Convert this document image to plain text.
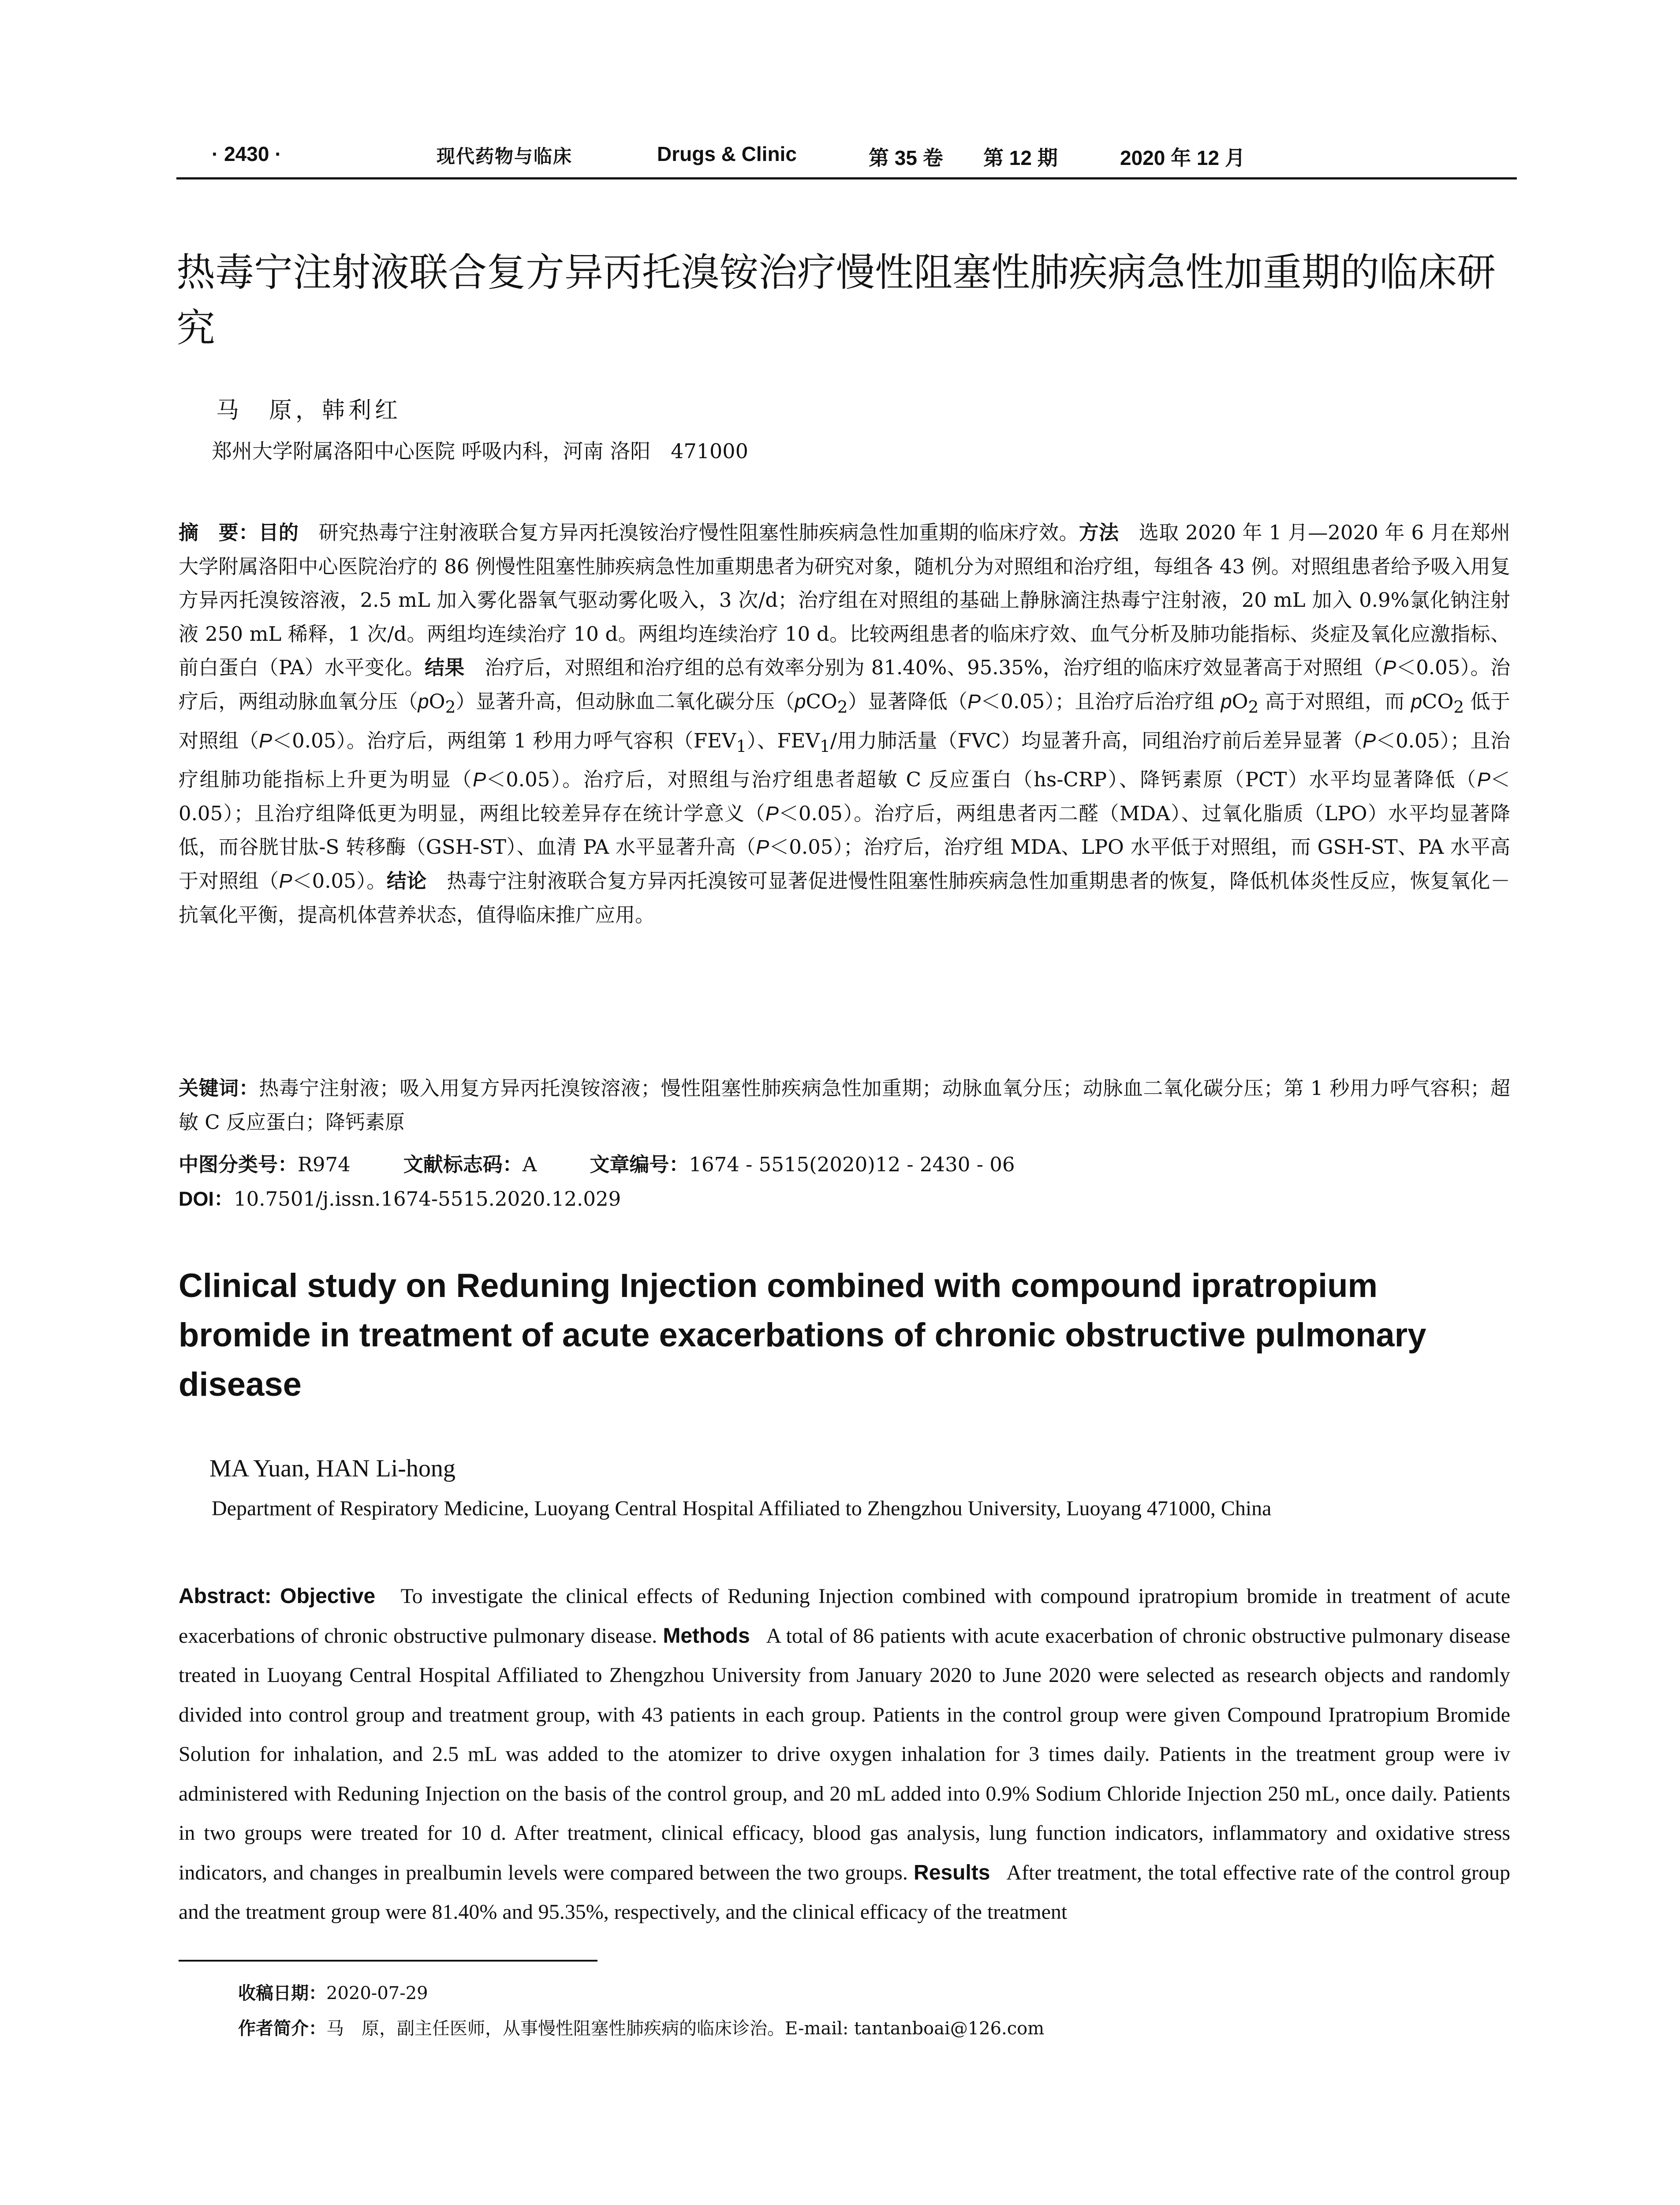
· 2430 ·	现代药物与临床	Drugs & Clinic	第 35 卷 第 12 期	2020 年 12 月
热毒宁注射液联合复方异丙托溴铵治疗慢性阻塞性肺疾病急性加重期的临床研究
马　原，韩利红
郑州大学附属洛阳中心医院 呼吸内科，河南 洛阳　471000

摘　要：目的　 研究热毒宁注射液联合复方异丙托溴铵治疗慢性阻塞性肺疾病急性加重期的临床疗效。方法　 选取 2020 年 1 月—2020 年 6 月在郑州大学附属洛阳中心医院治疗的 86 例慢性阻塞性肺疾病急性加重期患者为研究对象，随机分为对照组和治疗组，每组各 43 例。对照组患者给予吸入用复方异丙托溴铵溶液，2.5 mL 加入雾化器氧气驱动雾化吸入，3 次/d；治疗组在对照组的基础上静脉滴注热毒宁注射液，20 mL 加入 0.9%氯化钠注射液 250 mL 稀释，1 次/d。两组均连续治疗 10 d。两组均连续治疗 10 d。比较两组患者的临床疗效、血气分析及肺功能指标、炎症及氧化应激指标、前白蛋白（PA）水平变化。结果　 治疗后，对照组和治疗组的总有效率分别为 81.40%、95.35%，治疗组的临床疗效显著高于对照组（P＜0.05）。治疗后，两组动脉血氧分压$(pO_2)$显著升高，但动脉血二氧化碳分压（pCO$_2$）显著降低（P＜0.05）；且治疗后治疗组 $pO_2$ 高于对照组，而 pCO$_2$ 低于对照组（P＜0.05）。治疗后，两组第 1 秒用力呼气容积$(FEV_1)$、$FEV_1/$用力肺活量（FVC）均显著升高，同组治疗前后差异显著（P＜0.05）；且治疗组肺功能指标上升更为明显（P＜0.05）。治疗后，对照组与治疗组患者超敏 C 反应蛋白（hs-CRP）、降钙素原（PCT）水平均显著降低（P＜0.05）；且治疗组降低更为明显，两组比较差异存在统计学意义（P＜0.05）。治疗后，两组患者丙二醛（MDA）、过氧化脂质（LPO）水平均显著降低，而谷胱甘肽-S 转移酶（GSH-ST）、血清 PA 水平显著升高（P＜0.05）；治疗后，治疗组 MDA、LPO 水平低于对照组，而 GSH-ST、PA 水平高于对照组（P＜0.05）。结论　 热毒宁注射液联合复方异丙托溴铵可显著促进慢性阻塞性肺疾病急性加重期患者的恢复，降低机体炎性反应，恢复氧化－抗氧化平衡，提高机体营养状态，值得临床推广应用。

关键词：热毒宁注射液；吸入用复方异丙托溴铵溶液；慢性阻塞性肺疾病急性加重期；动脉血氧分压；动脉血二氧化碳分压；第 1 秒用力呼气容积；超敏 C 反应蛋白；降钙素原

中图分类号：R974	文献标志码：A	文章编号：1674 - 5515(2020)12 - 2430 - 06
DOI：10.7501/j.issn.1674-5515.2020.12.029
Clinical study on Reduning Injection combined with compound ipratropium bromide in treatment of acute exacerbations of chronic obstructive pulmonary disease
MA Yuan, HAN Li-hong
Department of Respiratory Medicine, Luoyang Central Hospital Affiliated to Zhengzhou University, Luoyang 471000, China

Abstract: Objective To investigate the clinical effects of Reduning Injection combined with compound ipratropium bromide in treatment of acute exacerbations of chronic obstructive pulmonary disease. Methods A total of 86 patients with acute exacerbation of chronic obstructive pulmonary disease treated in Luoyang Central Hospital Affiliated to Zhengzhou University from January 2020 to June 2020 were selected as research objects and randomly divided into control group and treatment group, with 43 patients in each group. Patients in the control group were given Compound Ipratropium Bromide Solution for inhalation, and 2.5 mL was added to the atomizer to drive oxygen inhalation for 3 times daily. Patients in the treatment group were iv administered with Reduning Injection on the basis of the control group, and 20 mL added into 0.9% Sodium Chloride Injection 250 mL, once daily. Patients in two groups were treated for 10 d. After treatment, clinical efficacy, blood gas analysis, lung function indicators, inflammatory and oxidative stress indicators, and changes in prealbumin levels were compared between the two groups. Results After treatment, the total effective rate of the control group and the treatment group were 81.40% and 95.35%, respectively, and the clinical efficacy of the treatment

收稿日期：2020-07-29
作者简介：马　原，副主任医师，从事慢性阻塞性肺疾病的临床诊治。E-mail: tantanboai@126.com
